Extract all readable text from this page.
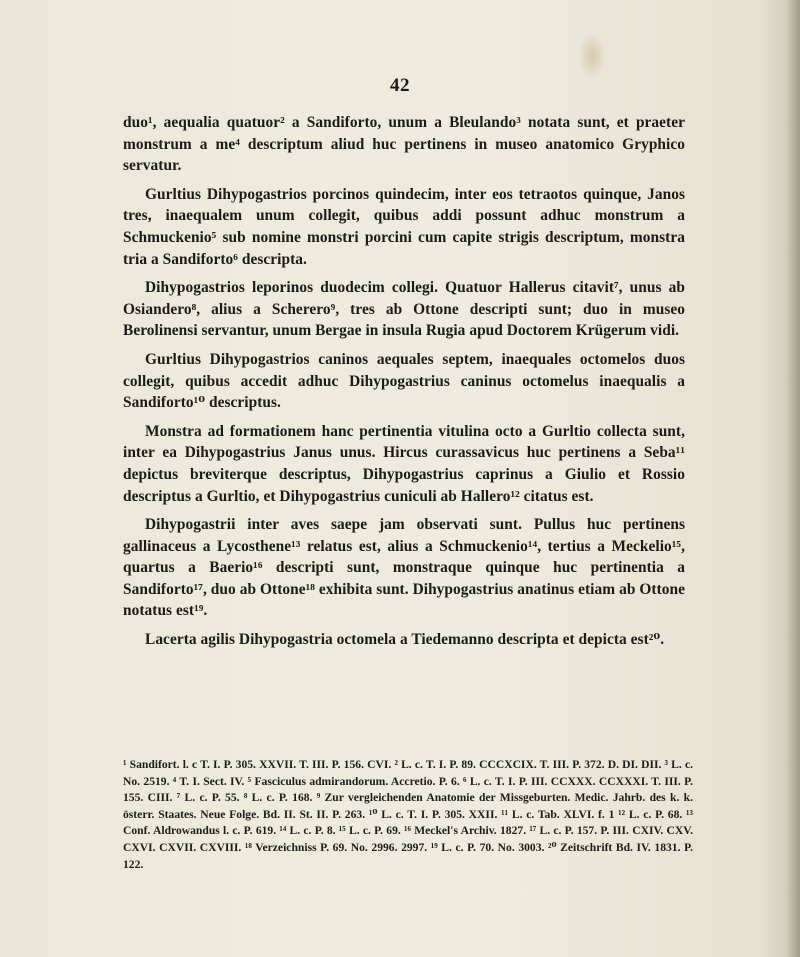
42

duo¹, aequalia quatuor² a Sandiforto, unum a Bleulando³ notata sunt, et praeter monstrum a me⁴ descriptum aliud huc pertinens in museo anatomico Gryphico servatur.

Gurltius Dihypogastrios porcinos quindecim, inter eos tetraotos quinque, Janos tres, inaequalem unum collegit, quibus addi possunt adhuc monstrum a Schmuckenio⁵ sub nomine monstri porcini cum capite strigis descriptum, monstra tria a Sandiforto⁶ descripta.

Dihypogastrios leporinos duodecim collegi. Quatuor Hallerus citavit⁷, unus ab Osiandero⁸, alius a Scherero⁹, tres ab Ottone descripti sunt; duo in museo Berolinensi servantur, unum Bergae in insula Rugia apud Doctorem Krügerum vidi.

Gurltius Dihypogastrios caninos aequales septem, inaequales octomelos duos collegit, quibus accedit adhuc Dihypogastrius caninus octomelus inaequalis a Sandiforto¹⁰ descriptus.

Monstra ad formationem hanc pertinentia vitulina octo a Gurltio collecta sunt, inter ea Dihypogastrius Janus unus. Hircus curassavicus huc pertinens a Seba¹¹ depictus breviterque descriptus, Dihypogastrius caprinus a Giulio et Rossio descriptus a Gurltio, et Dihypogastrius cuniculi ab Hallero¹² citatus est.

Dihypogastrii inter aves saepe jam observati sunt. Pullus huc pertinens gallinaceus a Lycosthene¹³ relatus est, alius a Schmuckenio¹⁴, tertius a Meckelio¹⁵, quartus a Baerio¹⁶ descripti sunt, monstraque quinque huc pertinentia a Sandiforto¹⁷, duo ab Ottone¹⁸ exhibita sunt. Dihypogastrius anatinus etiam ab Ottone notatus est¹⁹.

Lacerta agilis Dihypogastria octomela a Tiedemanno descripta et depicta est²⁰.

¹ Sandifort. l. c T. I. P. 305. XXVII. T. III. P. 156. CVI. ² L. c. T. I. P. 89. CCCXCIX. T. III. P. 372. D. DI. DII. ³ L. c. No. 2519. ⁴ T. I. Sect. IV. ⁵ Fasciculus admirandorum. Accretio. P. 6. ⁶ L. c. T. I. P. III. CCXXX. CCXXXI. T. III. P. 155. CIII. ⁷ L. c. P. 55. ⁸ L. c. P. 168. ⁹ Zur vergleichenden Anatomie der Missgeburten. Medic. Jahrb. des k. k. österr. Staates. Neue Folge. Bd. II. St. II. P. 263. ¹⁰ L. c. T. I. P. 305. XXII. ¹¹ L. c. Tab. XLVI. f. 1 ¹² L. c. P. 68. ¹³ Conf. Aldrowandus l. c. P. 619. ¹⁴ L. c. P. 8. ¹⁵ L. c. P. 69. ¹⁶ Meckel's Archiv. 1827. ¹⁷ L. c. P. 157. P. III. CXIV. CXV. CXVI. CXVII. CXVIII. ¹⁸ Verzeichniss P. 69. No. 2996. 2997. ¹⁹ L. c. P. 70. No. 3003. ²⁰ Zeitschrift Bd. IV. 1831. P. 122.
